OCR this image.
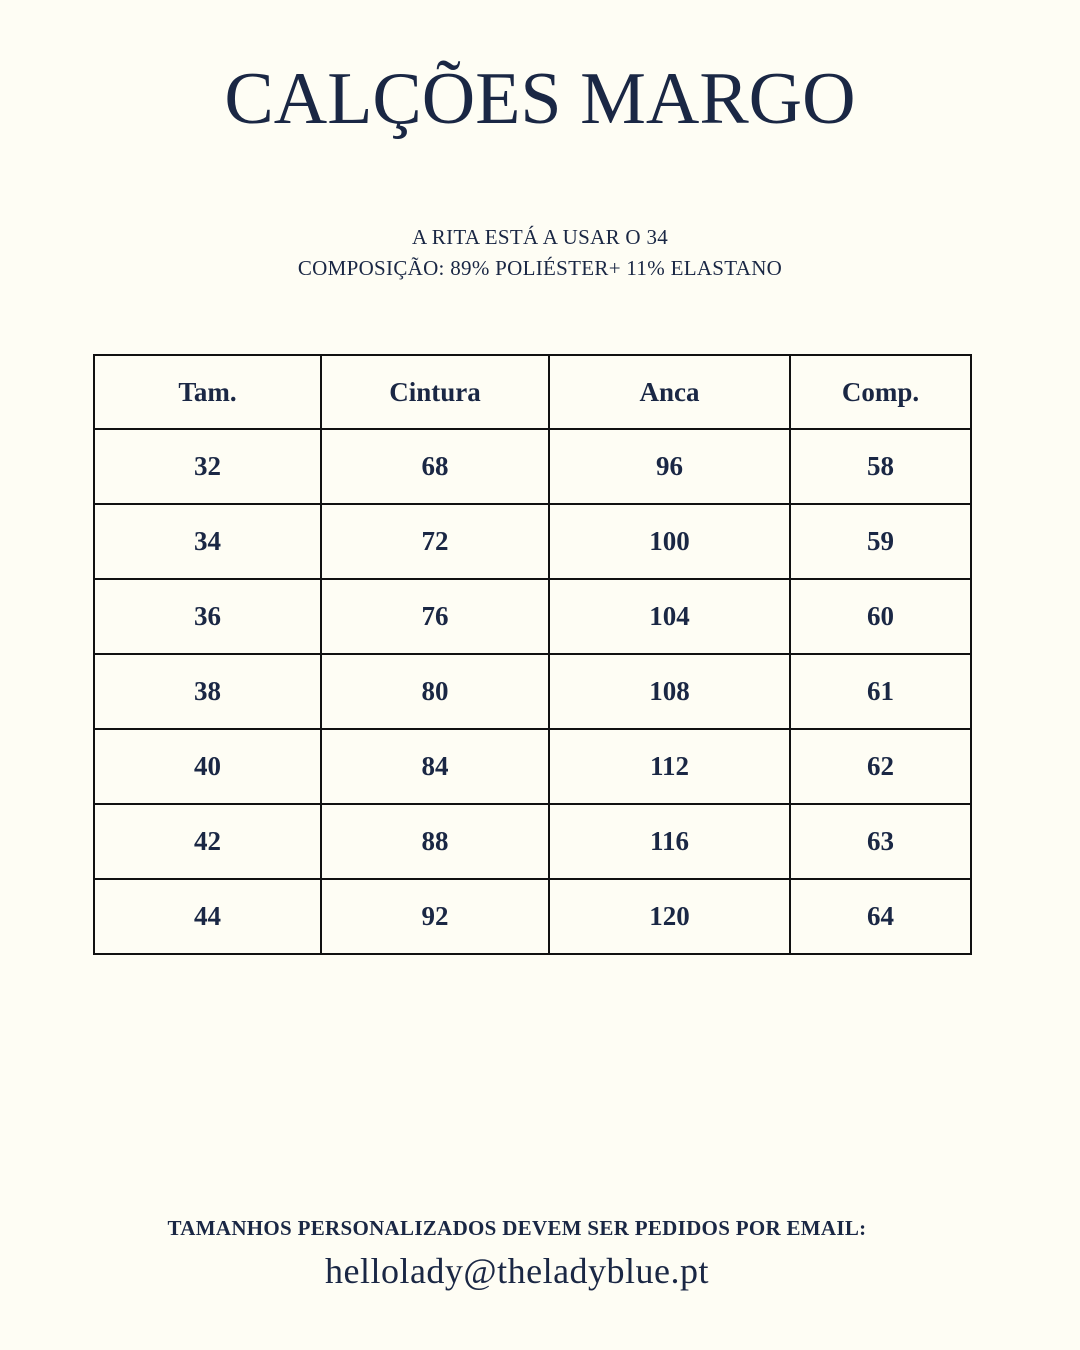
CALÇÕES MARGO
A RITA ESTÁ A USAR O 34
COMPOSIÇÃO: 89% POLIÉSTER+ 11% ELASTANO
Tam.	Cintura	Anca	Comp.
32	68	96	58
34	72	100	59
36	76	104	60
38	80	108	61
40	84	112	62
42	88	116	63
44	92	120	64
TAMANHOS PERSONALIZADOS DEVEM SER PEDIDOS POR EMAIL:
hellolady@theladyblue.pt
